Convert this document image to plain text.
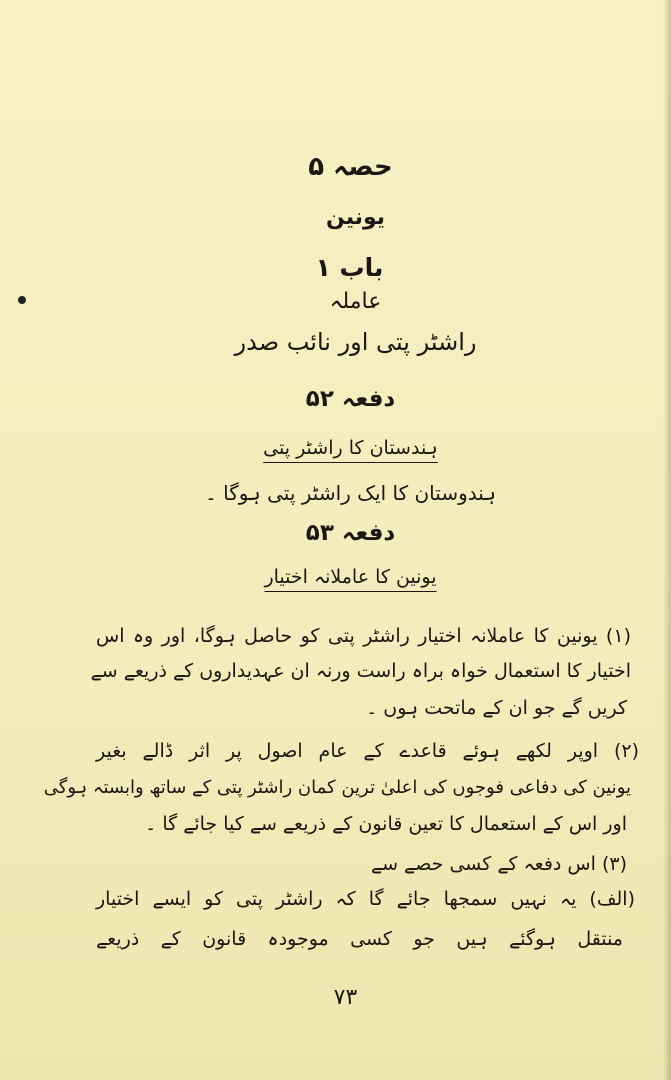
حصہ ۵
یونین
باب ۱
عاملہ
راشٹر پتی اور نائب صدر
دفعہ ۵۲
ہندستان کا راشٹر پتی
ہندوستان کا ایک راشٹر پتی ہوگا ۔
دفعہ ۵۳
یونین کا عاملانہ اختیار
(۱) یونین کا عاملانہ اختیار راشٹر پتی کو حاصل ہوگا، اور وہ اس
اختیار کا استعمال خواہ براہ راست ورنہ ان عہدیداروں کے ذریعے سے
کریں گے جو ان کے ماتحت ہوں ۔
(۲) اوپر لکھے ہوئے قاعدے کے عام اصول پر اثر ڈالے بغیر
یونین کی دفاعی فوجوں کی اعلیٰ ترین کمان راشٹر پتی کے ساتھ وابستہ ہوگی
اور اس کے استعمال کا تعین قانون کے ذریعے سے کیا جائے گا ۔
(۳) اس دفعہ کے کسی حصے سے
(الف) یہ نہیں سمجھا جائے گا کہ راشٹر پتی کو ایسے اختیار
منتقل ہوگئے ہیں جو کسی موجودہ قانون کے ذریعے
۷۳
